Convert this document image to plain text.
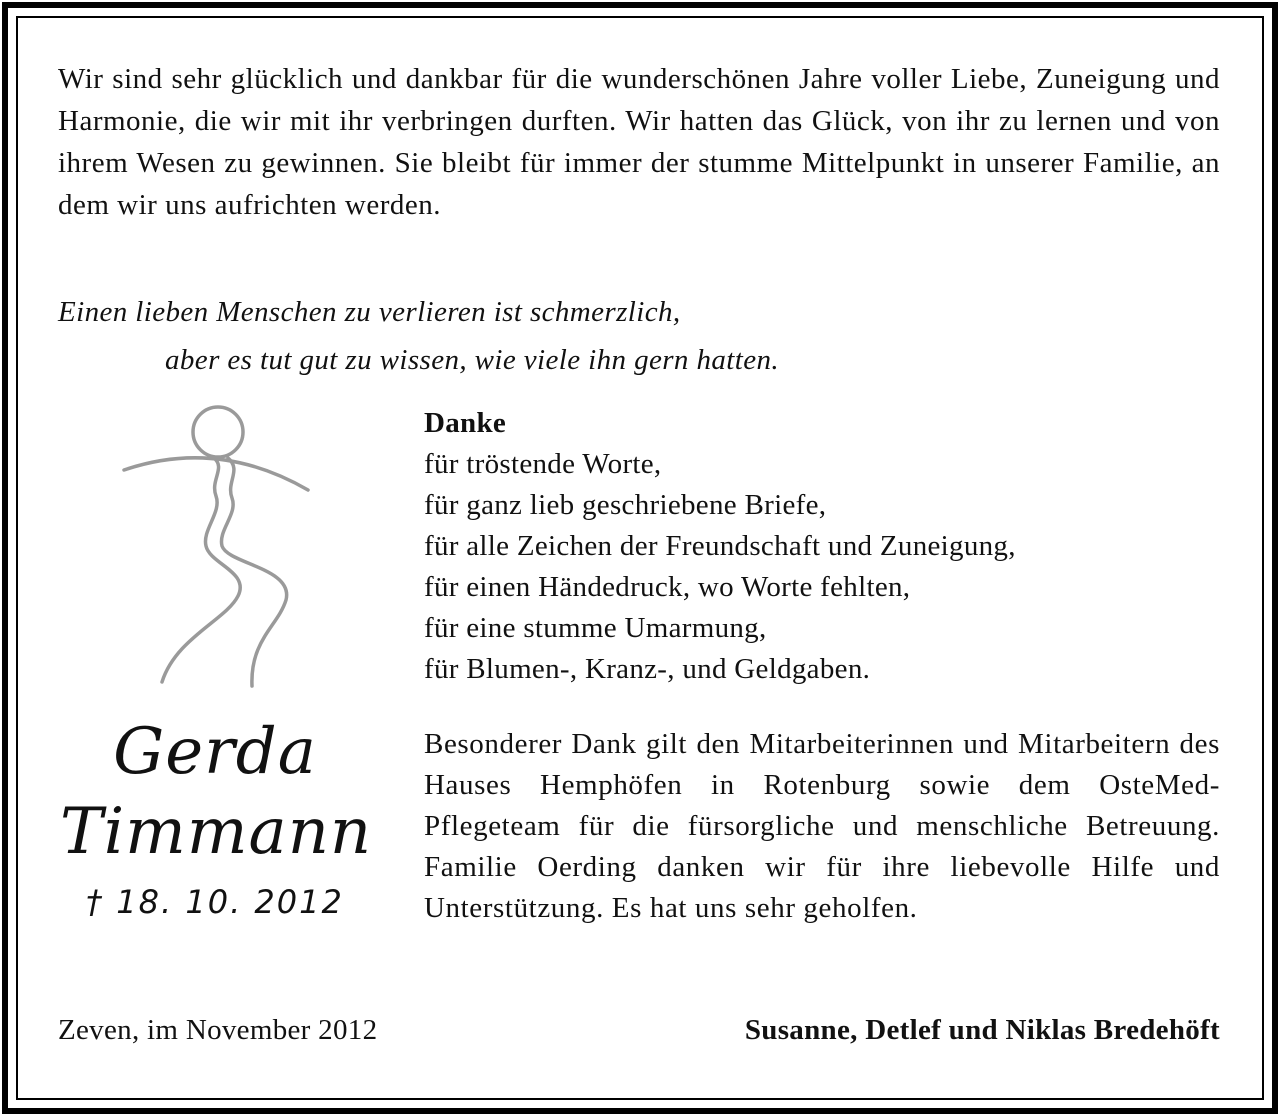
Wir sind sehr glücklich und dankbar für die wunderschönen Jahre voller Liebe, Zuneigung und Harmonie, die wir mit ihr verbringen durften. Wir hatten das Glück, von ihr zu lernen und von ihrem Wesen zu gewinnen. Sie bleibt für immer der stumme Mittelpunkt in unserer Familie, an dem wir uns aufrichten werden.

Einen lieben Menschen zu verlieren ist schmerzlich,
aber es tut gut zu wissen, wie viele ihn gern hatten.
Gerda
Timmann
† 18. 10. 2012
Danke
für tröstende Worte,
für ganz lieb geschriebene Briefe,
für alle Zeichen der Freundschaft und Zuneigung,
für einen Händedruck, wo Worte fehlten,
für eine stumme Umarmung,
für Blumen-, Kranz-, und Geldgaben.

Besonderer Dank gilt den Mitarbeiterinnen und Mitarbeitern des Hauses Hemphöfen in Rotenburg sowie dem OsteMed-Pflegeteam für die fürsorgliche und menschliche Betreuung. Familie Oerding danken wir für ihre liebevolle Hilfe und Unterstützung. Es hat uns sehr geholfen.

Zeven, im November 2012	Susanne, Detlef und Niklas Bredehöft
